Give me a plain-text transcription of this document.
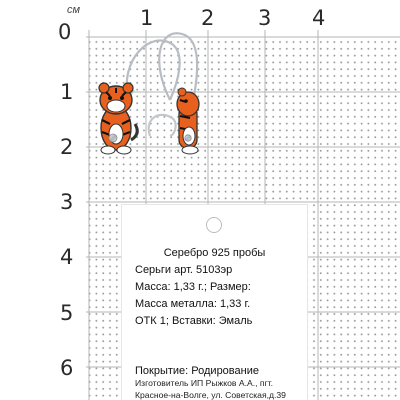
см
0
1 2 3 4
1
2
3
4
5
6
Серебро 925 пробы
Серьги арт. 5103эр
Масса: 1,33 г.; Размер:
Масса металла: 1,33 г.
ОТК 1; Вставки: Эмаль
Покрытие: Родирование
Изготовитель ИП Рыжков А.А., пгт.
Красное-на-Волге, ул. Советская,д.39
